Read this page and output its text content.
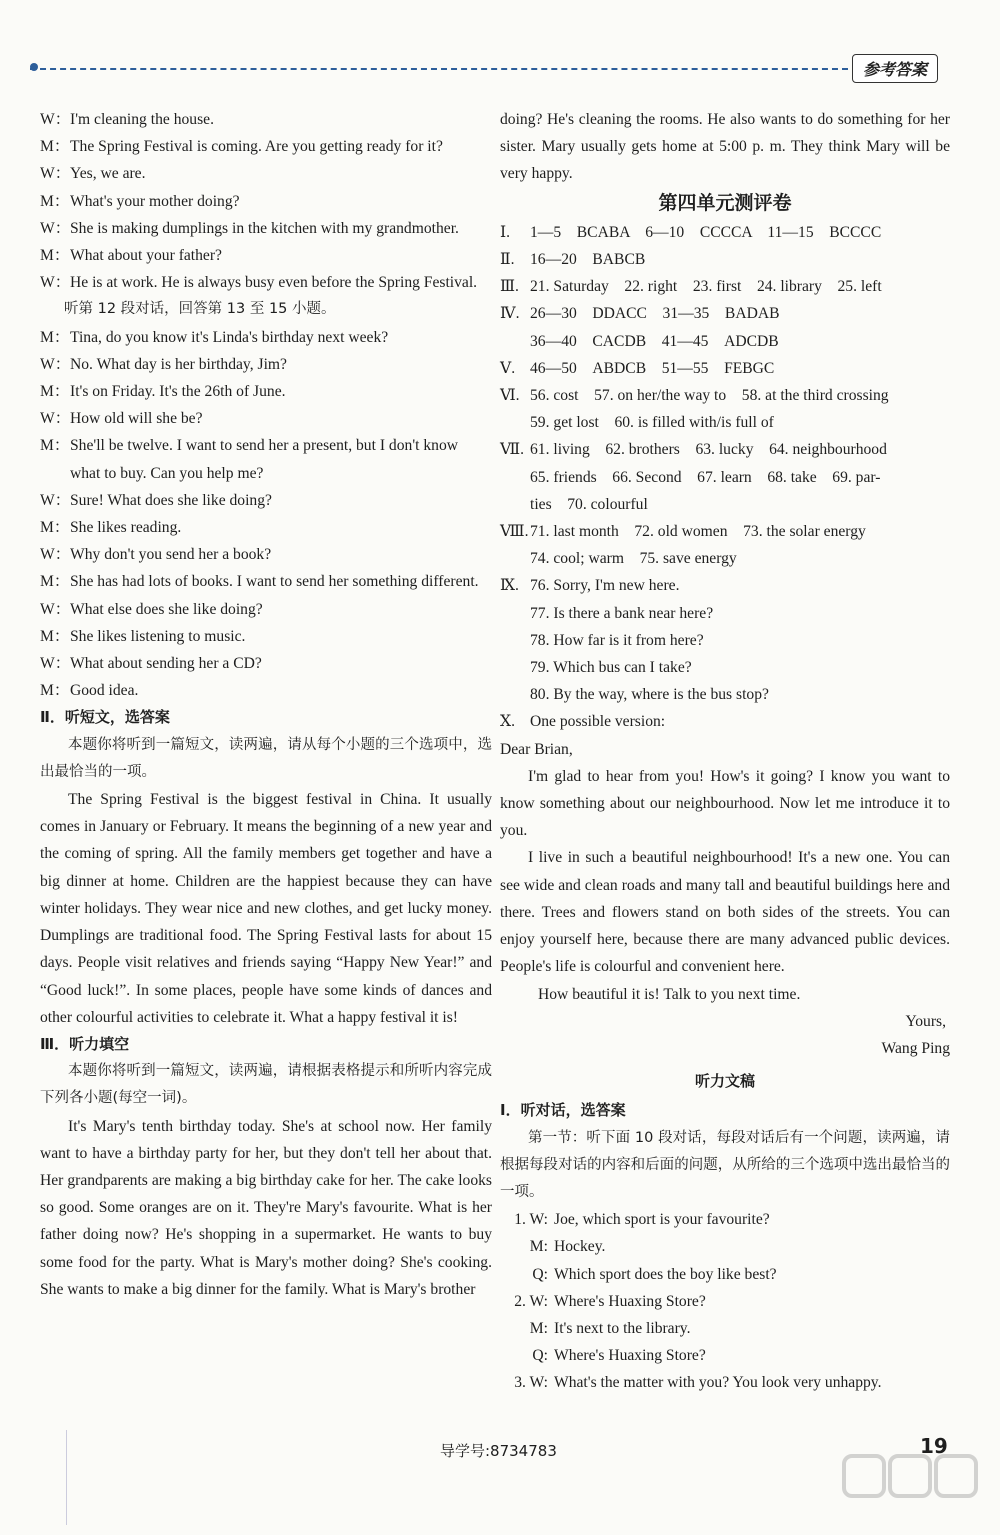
参考答案
W： I'm cleaning the house.
M： The Spring Festival is coming. Are you getting ready for it?
W： Yes, we are.
M： What's your mother doing?
W： She is making dumplings in the kitchen with my grandmother.
M： What about your father?
W： He is at work. He is always busy even before the Spring Festival.
听第 12 段对话，回答第 13 至 15 小题。
M： Tina, do you know it's Linda's birthday next week?
W： No. What day is her birthday, Jim?
M： It's on Friday. It's the 26th of June.
W： How old will she be?
M： She'll be twelve. I want to send her a present, but I don't know what to buy. Can you help me?
W： Sure! What does she like doing?
M： She likes reading.
W： Why don't you send her a book?
M： She has had lots of books. I want to send her something different.
W： What else does she like doing?
M： She likes listening to music.
W： What about sending her a CD?
M： Good idea.
Ⅱ．听短文，选答案

本题你将听到一篇短文，读两遍，请从每个小题的三个选项中，选出最恰当的一项。

The Spring Festival is the biggest festival in China. It usually comes in January or February. It means the beginning of a new year and the coming of spring. All the family members get together and have a big dinner at home. Children are the happiest because they can have winter holidays. They wear nice and new clothes, and get lucky money. Dumplings are traditional food. The Spring Festival lasts for about 15 days. People visit relatives and friends saying “Happy New Year!” and “Good luck!”. In some places, people have some kinds of dances and other colourful activities to celebrate it. What a happy festival it is!

Ⅲ．听力填空

本题你将听到一篇短文，读两遍，请根据表格提示和所听内容完成下列各小题(每空一词)。

It's Mary's tenth birthday today. She's at school now. Her family want to have a birthday party for her, but they don't tell her about that. Her grandparents are making a big birthday cake for her. The cake looks so good. Some oranges are on it. They're Mary's favourite. What is her father doing now? He's shopping in a supermarket. He wants to buy some food for the party. What is Mary's mother doing? She's cooking. She wants to make a big dinner for the family. What is Mary's brother

doing? He's cleaning the rooms. He also wants to do something for her sister. Mary usually gets home at 5:00 p. m. They think Mary will be very happy.

第四单元测评卷
Ⅰ.	1—5　BCABA　6—10　CCCCA　11—15　BCCCC
Ⅱ. 16—20　BABCB
Ⅲ. 21. Saturday　22. right　23. first　24. library　25. left
Ⅳ. 26—30　DDACC　31—35　BADAB
36—40　CACDB　41—45　ADCDB
Ⅴ. 46—50　ABDCB　51—55　FEBGC
Ⅵ. 56. cost　57. on her/the way to　58. at the third crossing
59. get lost　60. is filled with/is full of
Ⅶ. 61. living　62. brothers　63. lucky　64. neighbourhood
65. friends　66. Second　67. learn　68. take　69. par-
ties　70. colourful
Ⅷ. 71. last month　72. old women　73. the solar energy
74. cool; warm　75. save energy
Ⅸ. 76. Sorry, I'm new here.
77. Is there a bank near here?
78. How far is it from here?
79. Which bus can I take?
80. By the way, where is the bus stop?
Ⅹ. One possible version:
Dear Brian,

I'm glad to hear from you! How's it going? I know you want to know something about our neighbourhood. Now let me introduce it to you.

I live in such a beautiful neighbourhood! It's a new one. You can see wide and clean roads and many tall and beautiful buildings here and there. Trees and flowers stand on both sides of the streets. You can enjoy yourself here, because there are many advanced public devices. People's life is colourful and convenient here.

How beautiful it is! Talk to you next time.

Yours,
Wang Ping
听力文稿
Ⅰ．听对话，选答案

第一节：听下面 10 段对话，每段对话后有一个问题，读两遍，请根据每段对话的内容和后面的问题，从所给的三个选项中选出最恰当的一项。

1. W: Joe, which sport is your favourite?
M: Hockey.
Q: Which sport does the boy like best?
2. W: Where's Huaxing Store?
M: It's next to the library.
Q: Where's Huaxing Store?
3. W: What's the matter with you? You look very unhappy.
导学号:8734783	19
